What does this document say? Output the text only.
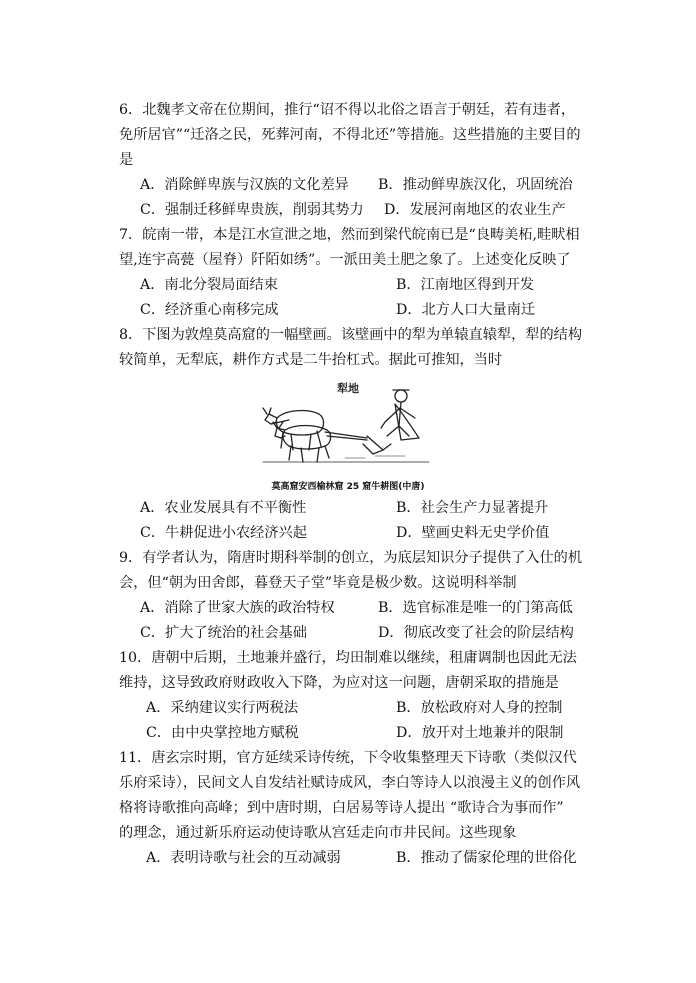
6．北魏孝文帝在位期间，推行“诏不得以北俗之语言于朝廷，若有违者，
免所居官”“迁洛之民，死葬河南，不得北还”等措施。这些措施的主要目的
是
A．消除鲜卑族与汉族的文化差异 B．推动鲜卑族汉化，巩固统治
C．强制迁移鲜卑贵族，削弱其势力 D．发展河南地区的农业生产
7．皖南一带，本是江水宣泄之地，然而到梁代皖南已是“良畴美柘,畦畎相
望,连宇高甍（屋脊）阡陌如绣”。一派田美土肥之象了。上述变化反映了
A．南北分裂局面结束	B．江南地区得到开发
C．经济重心南移完成	D．北方人口大量南迁
8．下图为敦煌莫高窟的一幅壁画。该壁画中的犁为单辕直辕犁，犁的结构
较简单，无犁底，耕作方式是二牛抬杠式。据此可推知，当时
犁地
莫高窟安西榆林窟 25 窟牛耕图(中唐)
A．农业发展具有不平衡性	B．社会生产力显著提升
C．牛耕促进小农经济兴起	D．壁画史料无史学价值
9．有学者认为，隋唐时期科举制的创立，为底层知识分子提供了入仕的机
会，但“朝为田舍郎，暮登天子堂”毕竟是极少数。这说明科举制
A．消除了世家大族的政治特权	B．选官标准是唯一的门第高低
C．扩大了统治的社会基础	D．彻底改变了社会的阶层结构
10．唐朝中后期，土地兼并盛行，均田制难以继续，租庸调制也因此无法
维持，这导致政府财政收入下降，为应对这一问题，唐朝采取的措施是
A．采纳建议实行两税法	B．放松政府对人身的控制
C．由中央掌控地方赋税	D．放开对土地兼并的限制
11．唐玄宗时期，官方延续采诗传统，下令收集整理天下诗歌（类似汉代
乐府采诗），民间文人自发结社赋诗成风，李白等诗人以浪漫主义的创作风
格将诗歌推向高峰；到中唐时期，白居易等诗人提出 “歌诗合为事而作”
的理念，通过新乐府运动使诗歌从宫廷走向市井民间。这些现象
A．表明诗歌与社会的互动减弱	B．推动了儒家伦理的世俗化
